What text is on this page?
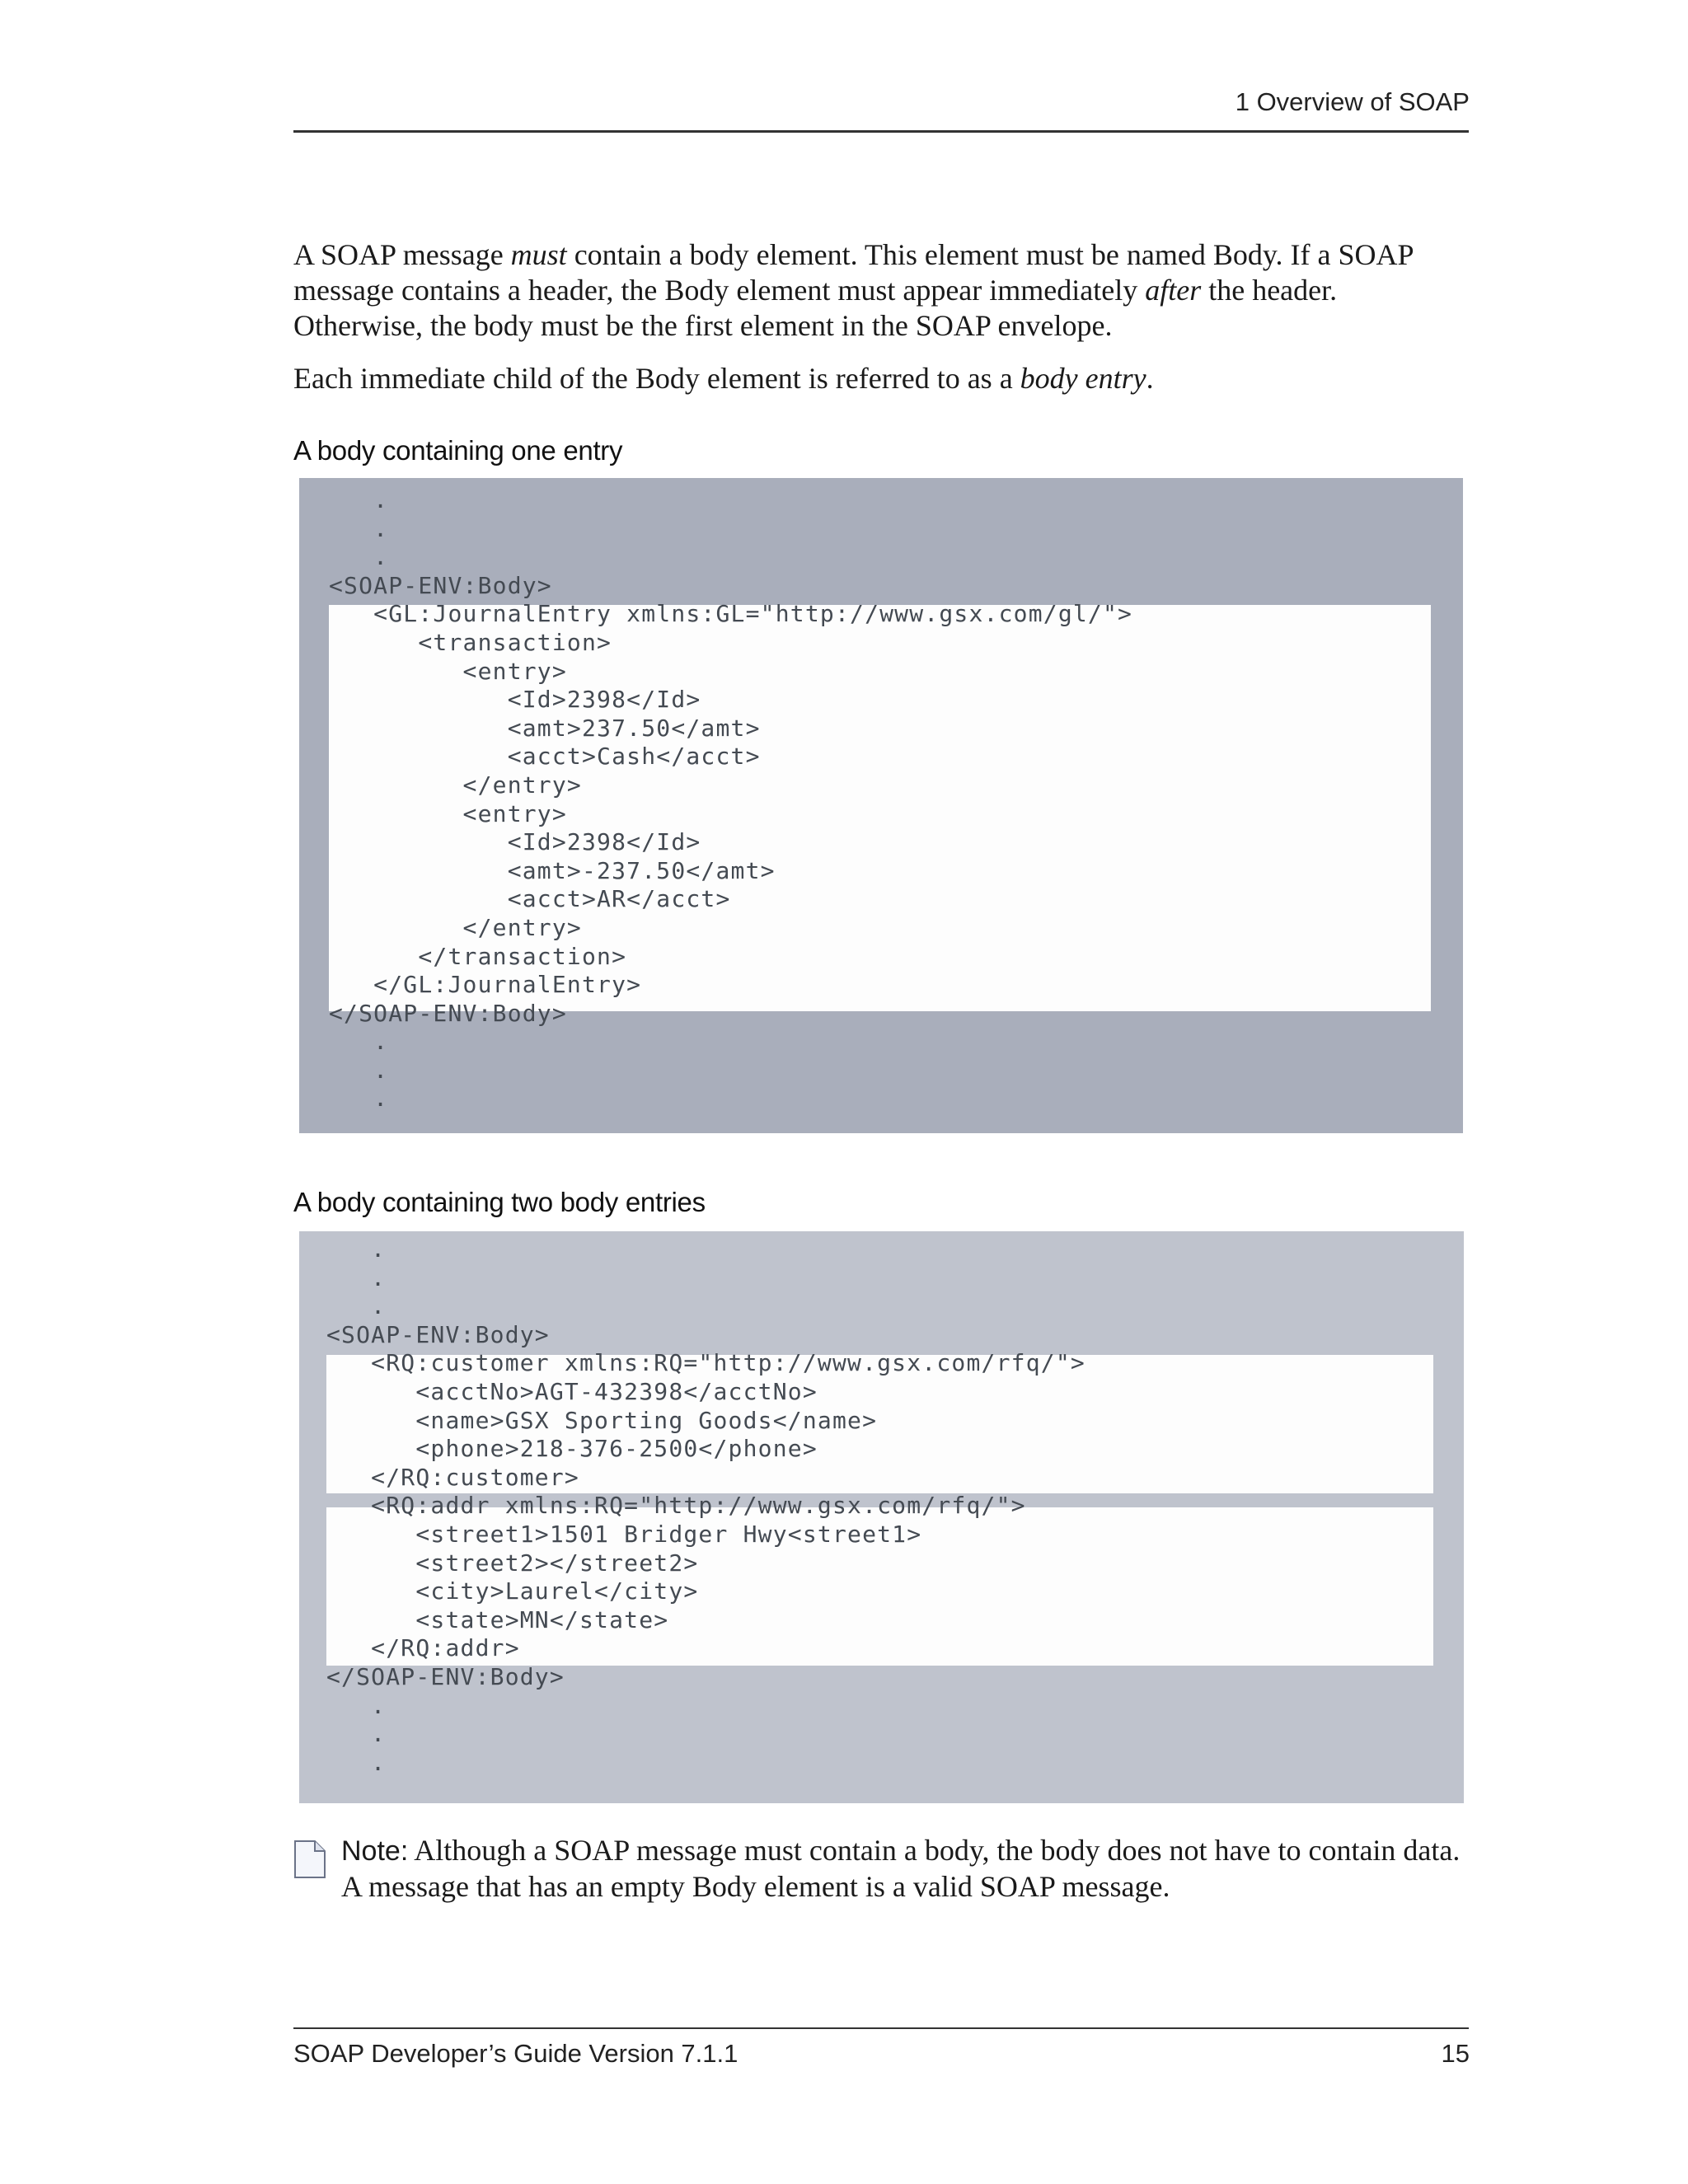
1 Overview of SOAP

A SOAP message must contain a body element. This element must be named Body. If a SOAP message contains a header, the Body element must appear immediately after the header. Otherwise, the body must be the first element in the SOAP envelope.

Each immediate child of the Body element is referred to as a body entry.

A body containing one entry
.
.
.
<SOAP-ENV:Body>
<GL:JournalEntry xmlns:GL="http://www.gsx.com/gl/">
<transaction>
<entry>
<Id>2398</Id>
<amt>237.50</amt>
<acct>Cash</acct>
</entry>
<entry>
<Id>2398</Id>
<amt>-237.50</amt>
<acct>AR</acct>
</entry>
</transaction>
</GL:JournalEntry>
</SOAP-ENV:Body>
.
.
.
A body containing two body entries
.
.
.
<SOAP-ENV:Body>
<RQ:customer xmlns:RQ="http://www.gsx.com/rfq/">
<acctNo>AGT-432398</acctNo>
<name>GSX Sporting Goods</name>
<phone>218-376-2500</phone>
</RQ:customer>
<RQ:addr xmlns:RQ="http://www.gsx.com/rfq/">
<street1>1501 Bridger Hwy<street1>
<street2></street2>
<city>Laurel</city>
<state>MN</state>
</RQ:addr>
</SOAP-ENV:Body>
.
.
.

Note: Although a SOAP message must contain a body, the body does not have to contain data. A message that has an empty Body element is a valid SOAP message.

SOAP Developer’s Guide Version 7.1.1	15
